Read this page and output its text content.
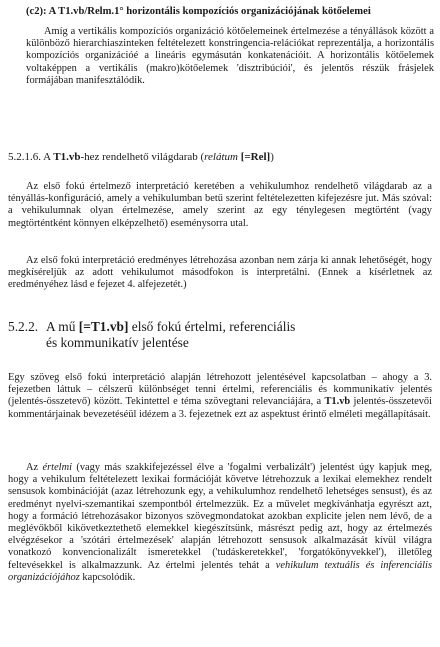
(c2): A T1.vb/Relm.1° horizontális kompozíciós organizációjának kötőelemei

Amíg a vertikális kompozíciós organizáció kötőelemeinek értelmezése a tényállások között a különböző hierarchiaszinteken feltételezett konstringencia-relációkat reprezentálja, a horizontális kompozíciós organizációé a lineáris egymásután konkatenációit. A horizontális kötőelemek voltaképpen a vertikális (makro)kötőelemek 'disztribúciói', és jelentős részük frásjelek formájában manifesztálódik.

5.2.1.6. A T1.vb-hez rendelhető világdarab (relátum [=Rel])

Az első fokú értelmező interpretáció keretében a vehikulumhoz rendelhető világdarab az a tényállás-konfiguráció, amely a vehikulumban betű szerint feltételezetten kifejezésre jut. Más szóval: a vehikulumnak olyan értelmezése, amely szerint az egy ténylegesen megtörtént (vagy megtörténtként könnyen elképzelhető) eseménysorra utal.

Az első fokú interpretáció eredményes létrehozása azonban nem zárja ki annak lehetőségét, hogy megkíséreljük az adott vehikulumot másodfokon is interpretálni. (Ennek a kísérletnek az eredményéhez lásd e fejezet 4. alfejezetét.)

5.2.2. A mű [=T1.vb] első fokú értelmi, referenciális
és kommunikatív jelentése

Egy szöveg első fokú interpretáció alapján létrehozott jelentésével kapcsolatban – ahogy a 3. fejezetben láttuk – célszerű különbséget tenni értelmi, referenciális és kommunikatív jelentés (jelentés-összetevő) között. Tekintettel e téma szövegtani relevanciájára, a T1.vb jelentés-összetevői kommentárjainak bevezetéséül idézem a 3. fejezetnek ezt az aspektust érintő elméleti megállapításait.

Az értelmi (vagy más szakkifejezéssel élve a 'fogalmi verbalizált') jelentést úgy kapjuk meg, hogy a vehikulum feltételezett lexikai formációját követve létrehozzuk a lexikai elemekhez rendelt sensusok kombinációját (azaz létrehozunk egy, a vehikulumhoz rendelhető lehetséges sensust), és az eredményt nyelvi-szemantikai szempontból értelmezzük. Ez a művelet megkívánhatja egyrészt azt, hogy a formáció létrehozásakor bizonyos szövegmondatokat azokban explicite jelen nem lévő, de a meglévőkből kikövetkeztethető elemekkel kiegészítsünk, másrészt pedig azt, hogy az értelmezés elvégzésekor a 'szótári értelmezések' alapján létrehozott sensusok alkalmazását kívül világra vonatkozó konvencionalizált ismeretekkel ('tudáskeretekkel', 'forgatókönyvekkel'), illetőleg feltevésekkel is alkalmazzunk. Az értelmi jelentés tehát a vehikulum textuális és inferenciális organizációjához kapcsolódik.
